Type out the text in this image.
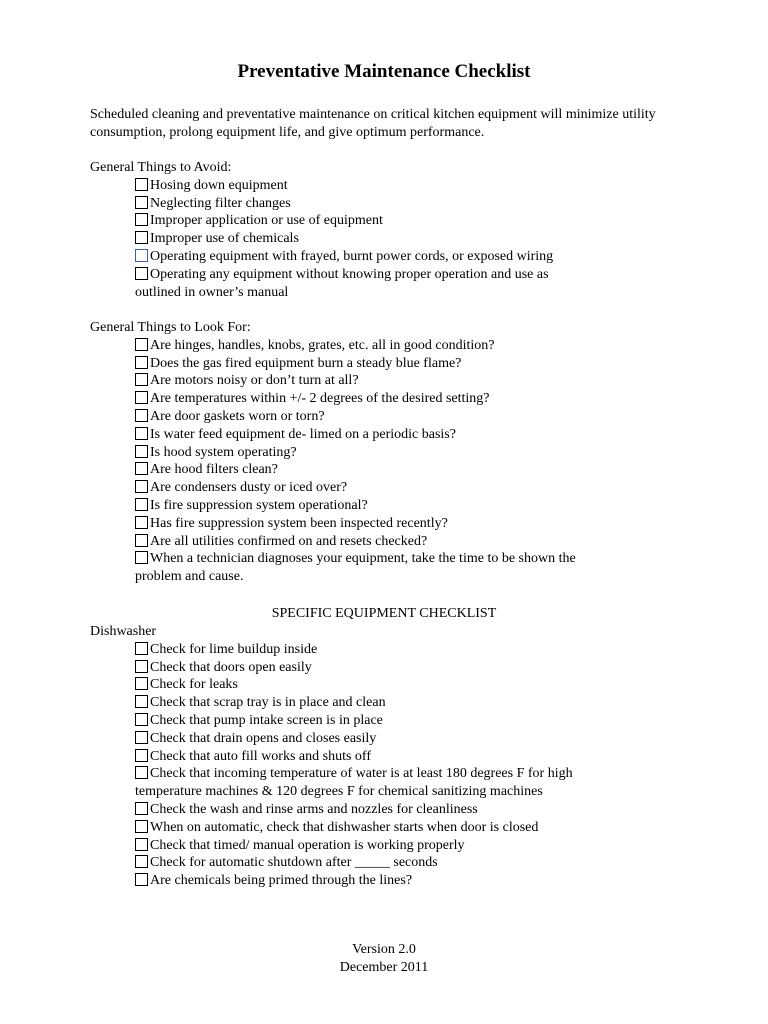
Preventative Maintenance Checklist

Scheduled cleaning and preventative maintenance on critical kitchen equipment will minimize utility consumption, prolong equipment life, and give optimum performance.

General Things to Avoid:

Hosing down equipment
Neglecting filter changes
Improper application or use of equipment
Improper use of chemicals
Operating equipment with frayed, burnt power cords, or exposed wiring
Operating any equipment without knowing proper operation and use as
outlined in owner’s manual

General Things to Look For:

Are hinges, handles, knobs, grates, etc. all in good condition?
Does the gas fired equipment burn a steady blue flame?
Are motors noisy or don’t turn at all?
Are temperatures within +/- 2 degrees of the desired setting?
Are door gaskets worn or torn?
Is water feed equipment de- limed on a periodic basis?
Is hood system operating?
Are hood filters clean?
Are condensers dusty or iced over?
Is fire suppression system operational?
Has fire suppression system been inspected recently?
Are all utilities confirmed on and resets checked?
When a technician diagnoses your equipment, take the time to be shown the
problem and cause.

SPECIFIC EQUIPMENT CHECKLIST

Dishwasher

Check for lime buildup inside
Check that doors open easily
Check for leaks
Check that scrap tray is in place and clean
Check that pump intake screen is in place
Check that drain opens and closes easily
Check that auto fill works and shuts off
Check that incoming temperature of water is at least 180 degrees F for high
temperature machines & 120 degrees F for chemical sanitizing machines
Check the wash and rinse arms and nozzles for cleanliness
When on automatic, check that dishwasher starts when door is closed
Check that timed/ manual operation is working properly
Check for automatic shutdown after _____ seconds
Are chemicals being primed through the lines?

Version 2.0

December 2011
